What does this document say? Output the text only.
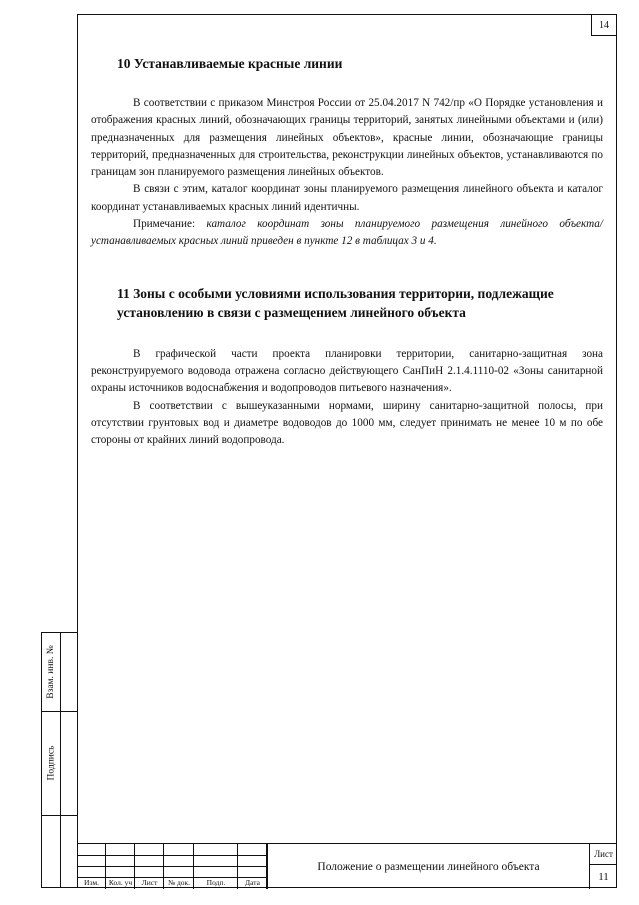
14
10 Устанавливаемые красные линии

В соответствии с приказом Минстроя России от 25.04.2017 N 742/пр «О Порядке установления и отображения красных линий, обозначающих границы территорий, занятых линейными объектами и (или) предназначенных для размещения линейных объектов», красные линии, обозначающие границы территорий, предназначенных для строительства, реконструкции линейных объектов, устанавливаются по границам зон планируемого размещения линейных объектов.

В связи с этим, каталог координат зоны планируемого размещения линейного объекта и каталог координат устанавливаемых красных линий идентичны.

Примечание: каталог координат зоны планируемого размещения линейного объекта/ устанавливаемых красных линий приведен в пункте 12 в таблицах 3 и 4.

11 Зоны с особыми условиями использования территории, подлежащие установлению в связи с размещением линейного объекта

В графической части проекта планировки территории, санитарно-защитная зона реконструируемого водовода отражена согласно действующего СанПиН 2.1.4.1110-02 «Зоны санитарной охраны источников водоснабжения и водопроводов питьевого назначения».

В соответствии с вышеуказанными нормами, ширину санитарно-защитной полосы, при отсутствии грунтовых вод и диаметре водоводов до 1000 мм, следует принимать не менее 10 м по обе стороны от крайних линий водопровода.

Взам. инв. №
Подпись
Изм.	Кол. уч	Лист	№ док.	Подп.	Дата
Положение о размещении линейного объекта
Лист
11
